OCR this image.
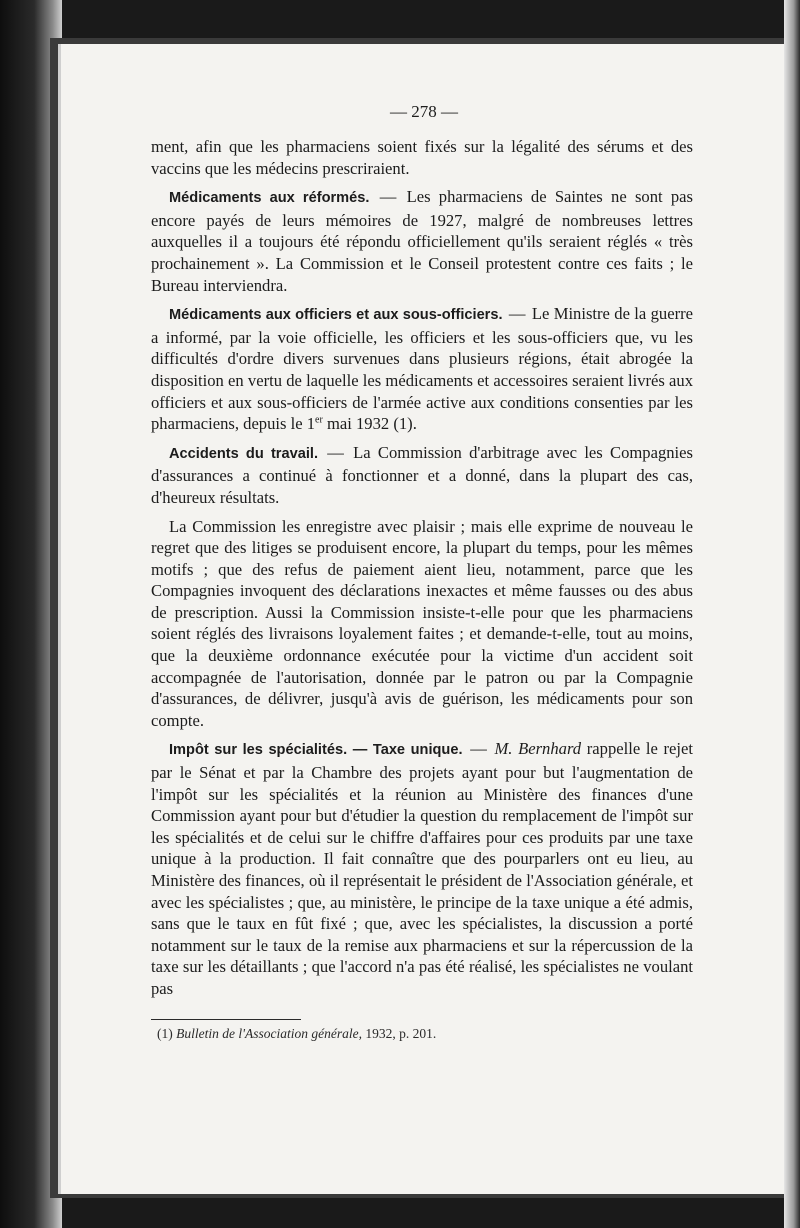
— 278 —

ment, afin que les pharmaciens soient fixés sur la légalité des sérums et des vaccins que les médecins prescriraient.

Médicaments aux réformés. — Les pharmaciens de Saintes ne sont pas encore payés de leurs mémoires de 1927, malgré de nombreuses lettres auxquelles il a toujours été répondu officiellement qu'ils seraient réglés « très prochainement ». La Commission et le Conseil protestent contre ces faits ; le Bureau interviendra.

Médicaments aux officiers et aux sous-officiers. — Le Ministre de la guerre a informé, par la voie officielle, les officiers et les sous-officiers que, vu les difficultés d'ordre divers survenues dans plusieurs régions, était abrogée la disposition en vertu de laquelle les médicaments et accessoires seraient livrés aux officiers et aux sous-officiers de l'armée active aux conditions consenties par les pharmaciens, depuis le 1er mai 1932 (1).

Accidents du travail. — La Commission d'arbitrage avec les Compagnies d'assurances a continué à fonctionner et a donné, dans la plupart des cas, d'heureux résultats.

La Commission les enregistre avec plaisir ; mais elle exprime de nouveau le regret que des litiges se produisent encore, la plupart du temps, pour les mêmes motifs ; que des refus de paiement aient lieu, notamment, parce que les Compagnies invoquent des déclarations inexactes et même fausses ou des abus de prescription. Aussi la Commission insiste-t-elle pour que les pharmaciens soient réglés des livraisons loyalement faites ; et demande-t-elle, tout au moins, que la deuxième ordonnance exécutée pour la victime d'un accident soit accompagnée de l'autorisation, donnée par le patron ou par la Compagnie d'assurances, de délivrer, jusqu'à avis de guérison, les médicaments pour son compte.

Impôt sur les spécialités. — Taxe unique. — M. Bernhard rappelle le rejet par le Sénat et par la Chambre des projets ayant pour but l'augmentation de l'impôt sur les spécialités et la réunion au Ministère des finances d'une Commission ayant pour but d'étudier la question du remplacement de l'impôt sur les spécialités et de celui sur le chiffre d'affaires pour ces produits par une taxe unique à la production. Il fait connaître que des pourparlers ont eu lieu, au Ministère des finances, où il représentait le président de l'Association générale, et avec les spécialistes ; que, au ministère, le principe de la taxe unique a été admis, sans que le taux en fût fixé ; que, avec les spécialistes, la discussion a porté notamment sur le taux de la remise aux pharmaciens et sur la répercussion de la taxe sur les détaillants ; que l'accord n'a pas été réalisé, les spécialistes ne voulant pas

(1) Bulletin de l'Association générale, 1932, p. 201.
